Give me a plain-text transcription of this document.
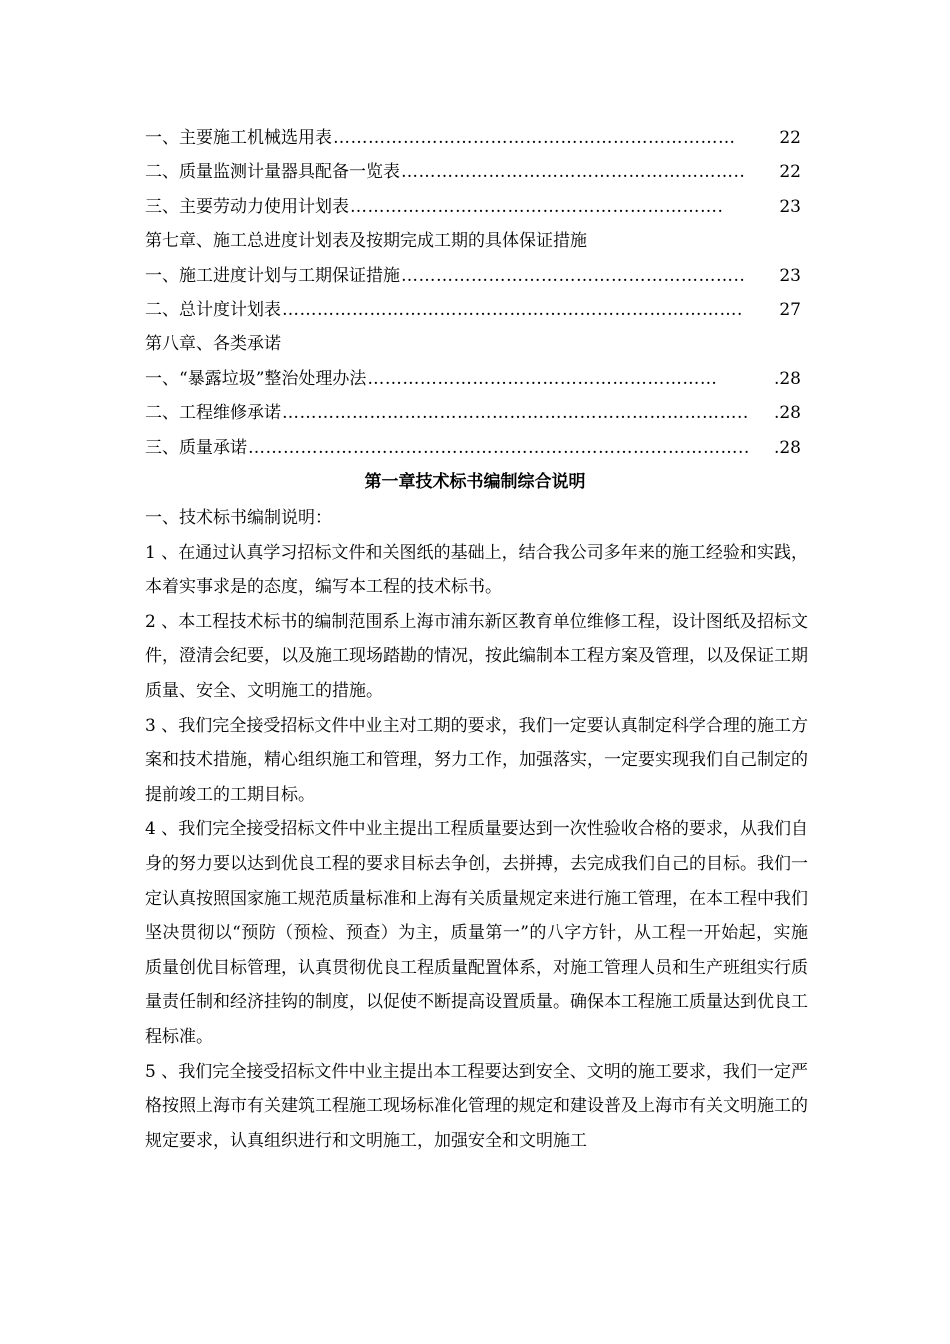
一、主要施工机械选用表 ……………………………………………………………	22
二、质量监测计量器具配备一览表 …………………………………………………..	22
三、主要劳动力使用计划表 ……………………………………………………….	23
第七章、施工总进度计划表及按期完成工期的具体保证措施
一、施工进度计划与工期保证措施 …………………………………………………..	23
二、总计度计划表 …………………………………………………………………….	27
第八章、各类承诺
一、“暴露垃圾”整治处理办法 ……………………………………………………	.28
二、工程维修承诺 ……………………………………………………………………..	.28
三、质量承诺 …………………………………………………………………………..	.28
第一章技术标书编制综合说明

一、技术标书编制说明：

1 、在通过认真学习招标文件和关图纸的基础上，结合我公司多年来的施工经验和实践，本着实事求是的态度，编写本工程的技术标书。

2 、本工程技术标书的编制范围系上海市浦东新区教育单位维修工程，设计图纸及招标文件，澄清会纪要，以及施工现场踏勘的情况，按此编制本工程方案及管理，以及保证工期质量、安全、文明施工的措施。

3 、我们完全接受招标文件中业主对工期的要求，我们一定要认真制定科学合理的施工方案和技术措施，精心组织施工和管理，努力工作，加强落实，一定要实现我们自己制定的提前竣工的工期目标。

4 、我们完全接受招标文件中业主提出工程质量要达到一次性验收合格的要求，从我们自身的努力要以达到优良工程的要求目标去争创，去拼搏，去完成我们自己的目标。我们一定认真按照国家施工规范质量标准和上海有关质量规定来进行施工管理，在本工程中我们坚决贯彻以“预防（预检、预查）为主，质量第一”的八字方针，从工程一开始起，实施质量创优目标管理，认真贯彻优良工程质量配置体系，对施工管理人员和生产班组实行质量责任制和经济挂钩的制度，以促使不断提高设置质量。确保本工程施工质量达到优良工程标准。

5 、我们完全接受招标文件中业主提出本工程要达到安全、文明的施工要求，我们一定严格按照上海市有关建筑工程施工现场标准化管理的规定和建设普及上海市有关文明施工的规定要求，认真组织进行和文明施工，加强安全和文明施工
